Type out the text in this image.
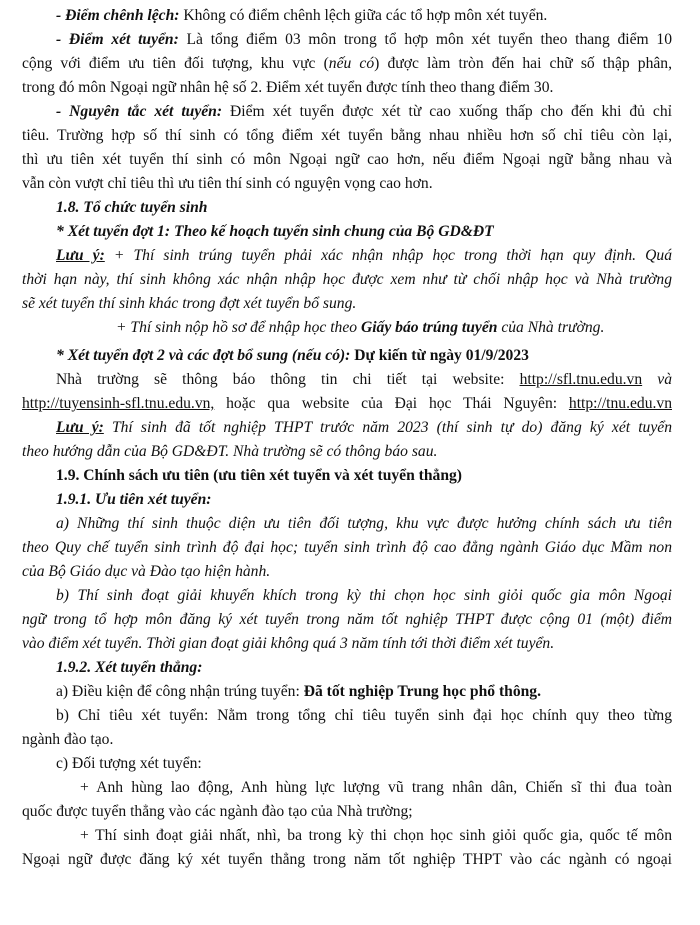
- Điểm chênh lệch: Không có điểm chênh lệch giữa các tổ hợp môn xét tuyển.
- Điểm xét tuyển: Là tổng điểm 03 môn trong tổ hợp môn xét tuyển theo thang điểm 10
cộng với điểm ưu tiên đối tượng, khu vực (nếu có) được làm tròn đến hai chữ số thập phân,
trong đó môn Ngoại ngữ nhân hệ số 2. Điểm xét tuyển được tính theo thang điểm 30.
- Nguyên tắc xét tuyển: Điểm xét tuyển được xét từ cao xuống thấp cho đến khi đủ chỉ
tiêu. Trường hợp số thí sinh có tổng điểm xét tuyển bằng nhau nhiều hơn số chỉ tiêu còn lại,
thì ưu tiên xét tuyển thí sinh có môn Ngoại ngữ cao hơn, nếu điểm Ngoại ngữ bằng nhau và
vẫn còn vượt chỉ tiêu thì ưu tiên thí sinh có nguyện vọng cao hơn.
1.8. Tổ chức tuyển sinh
* Xét tuyển đợt 1: Theo kế hoạch tuyển sinh chung của Bộ GD&ĐT
Lưu ý: + Thí sinh trúng tuyển phải xác nhận nhập học trong thời hạn quy định. Quá
thời hạn này, thí sinh không xác nhận nhập học được xem như từ chối nhập học và Nhà trường
sẽ xét tuyển thí sinh khác trong đợt xét tuyển bổ sung.
+ Thí sinh nộp hồ sơ để nhập học theo Giấy báo trúng tuyển của Nhà trường.
* Xét tuyển đợt 2 và các đợt bổ sung (nếu có): Dự kiến từ ngày 01/9/2023
Nhà trường sẽ thông báo thông tin chi tiết tại website: http://sfl.tnu.edu.vn và
http://tuyensinh-sfl.tnu.edu.vn, hoặc qua website của Đại học Thái Nguyên: http://tnu.edu.vn
Lưu ý: Thí sinh đã tốt nghiệp THPT trước năm 2023 (thí sinh tự do) đăng ký xét tuyển
theo hướng dẫn của Bộ GD&ĐT. Nhà trường sẽ có thông báo sau.
1.9. Chính sách ưu tiên (ưu tiên xét tuyển và xét tuyển thẳng)
1.9.1. Ưu tiên xét tuyển:
a) Những thí sinh thuộc diện ưu tiên đối tượng, khu vực được hưởng chính sách ưu tiên
theo Quy chế tuyển sinh trình độ đại học; tuyển sinh trình độ cao đẳng ngành Giáo dục Mầm non
của Bộ Giáo dục và Đào tạo hiện hành.
b) Thí sinh đoạt giải khuyến khích trong kỳ thi chọn học sinh giỏi quốc gia môn Ngoại
ngữ trong tổ hợp môn đăng ký xét tuyển trong năm tốt nghiệp THPT được cộng 01 (một) điểm
vào điểm xét tuyển. Thời gian đoạt giải không quá 3 năm tính tới thời điểm xét tuyển.
1.9.2. Xét tuyển thẳng:
a) Điều kiện để công nhận trúng tuyển: Đã tốt nghiệp Trung học phổ thông.
b) Chỉ tiêu xét tuyển: Nằm trong tổng chỉ tiêu tuyển sinh đại học chính quy theo từng
ngành đào tạo.
c) Đối tượng xét tuyển:
+ Anh hùng lao động, Anh hùng lực lượng vũ trang nhân dân, Chiến sĩ thi đua toàn
quốc được tuyển thẳng vào các ngành đào tạo của Nhà trường;
+ Thí sinh đoạt giải nhất, nhì, ba trong kỳ thi chọn học sinh giỏi quốc gia, quốc tế môn
Ngoại ngữ được đăng ký xét tuyển thẳng trong năm tốt nghiệp THPT vào các ngành có ngoại
